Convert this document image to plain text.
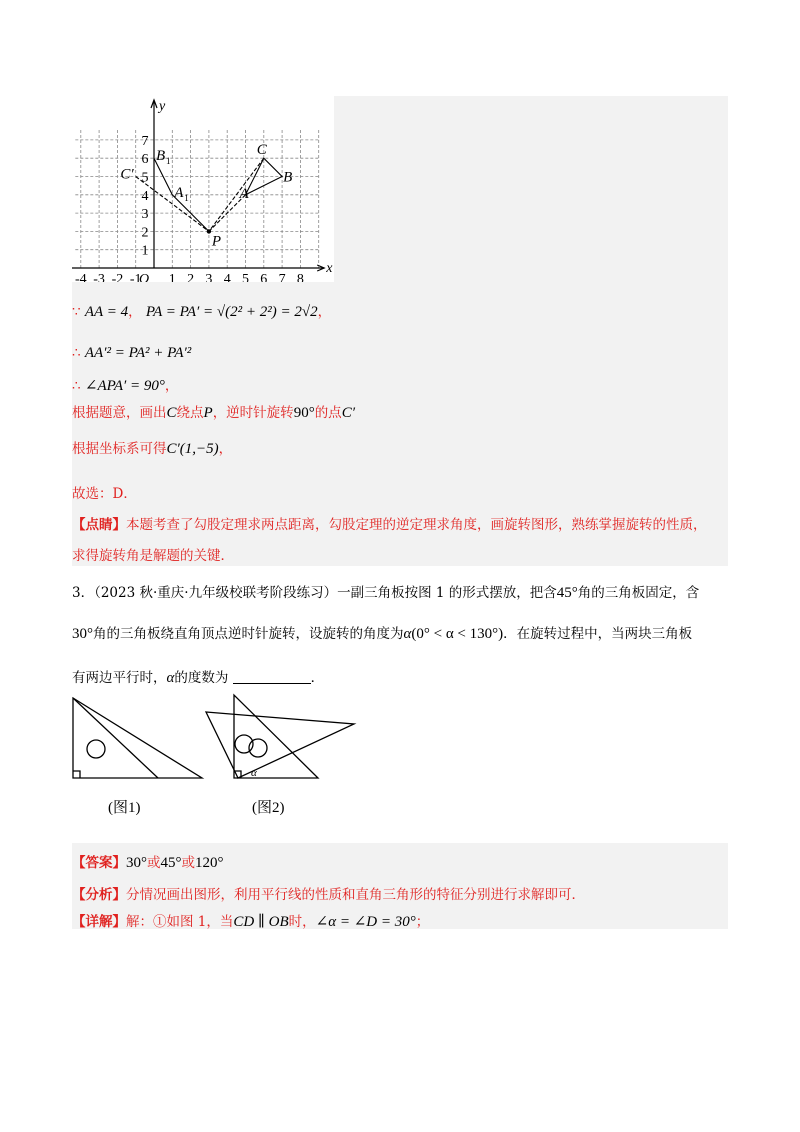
-4 -3 -2 -1 1 2 3 4 5 6 7 8
1
2
3
4
5
6
7
O
y
x
B 1
A 1
C′
C
B
A
P
∵ AA = 4， PA = PA′ = √(2² + 2²) = 2√2，
∴ AA′² = PA² + PA′²
∴ ∠APA′ = 90°，
根据题意，画出C绕点P，逆时针旋转90°的点C′
根据坐标系可得C′(1,−5)，
故选：D．
【点睛】本题考查了勾股定理求两点距离，勾股定理的逆定理求角度，画旋转图形，熟练掌握旋转的性质，
求得旋转角是解题的关键．
3．（2023 秋·重庆·九年级校联考阶段练习）一副三角板按图 1 的形式摆放，把含45°角的三角板固定，含
30°角的三角板绕直角顶点逆时针旋转，设旋转的角度为α(0° < α < 130°)．在旋转过程中，当两块三角板
有两边平行时，α的度数为	．
(图1)
α
(图2)
【答案】30°或45°或120°
【分析】分情况画出图形，利用平行线的性质和直角三角形的特征分别进行求解即可．
【详解】解：①如图 1，当CD ∥ OB时，∠α = ∠D = 30°；
